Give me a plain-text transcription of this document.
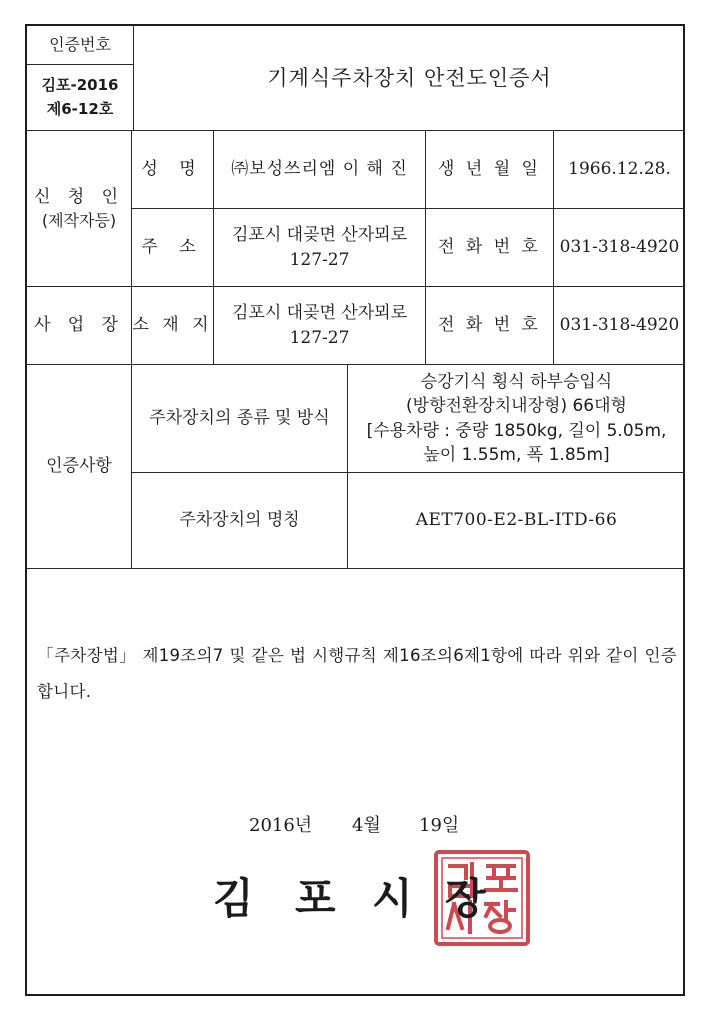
인증번호
김포-2016
제6-12호
기계식주차장치 안전도인증서
신 청 인
(제작자등)
성 명 ㈜보성쓰리엠 이 해 진 생 년 월 일 1966.12.28.
주 소
김포시 대곶면 산자뫼로
127-27
전 화 번 호 031-318-4920
사 업 장 소 재 지
김포시 대곶면 산자뫼로
127-27
전 화 번 호 031-318-4920
인증사항
주차장치의 종류 및 방식
승강기식 횡식 하부승입식
(방향전환장치내장형) 66대형
[수용차량 : 중량 1850kg, 길이 5.05m,
높이 1.55m, 폭 1.85m]
주차장치의 명칭	AET700-E2-BL-ITD-66
「주차장법」 제19조의7 및 같은 법 시행규칙 제16조의6제1항에 따라 위와 같이 인증합니다.
2016년 4월 19일
김 포 시 장
